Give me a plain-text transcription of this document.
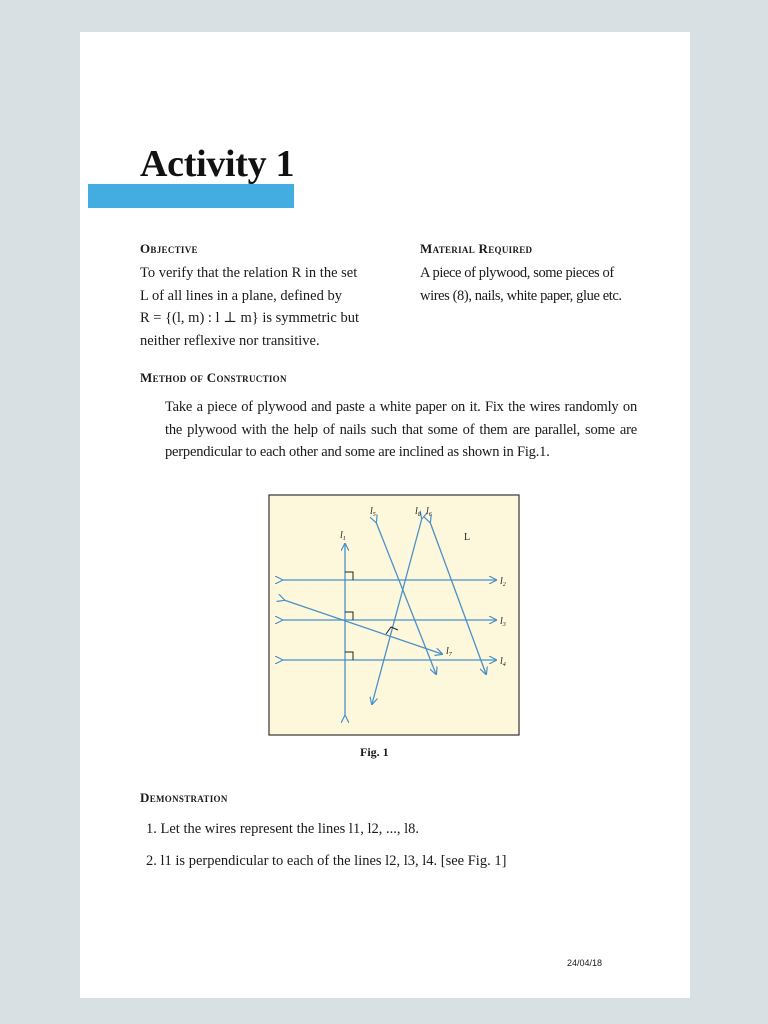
Activity 1

Objective

To verify that the relation R in the set
L of all lines in a plane, defined by
R = {(l, m) : l ⊥ m} is symmetric but
neither reflexive nor transitive.

Material Required

A piece of plywood, some pieces of
wires (8), nails, white paper, glue etc.

Method of Construction

Take a piece of plywood and paste a white paper on it. Fix the wires randomly on the plywood with the help of nails such that some of them are parallel, some are perpendicular to each other and some are inclined as shown in Fig.1.

$l_1$
$l_2$
$l_3$
$l_4$
$l_5$	$l_8$ $l_6$
$l_7$
L

Fig. 1

Demonstration

1. Let the wires represent the lines l1, l2, ..., l8.

2. l1 is perpendicular to each of the lines l2, l3, l4. [see Fig. 1]

24/04/18
